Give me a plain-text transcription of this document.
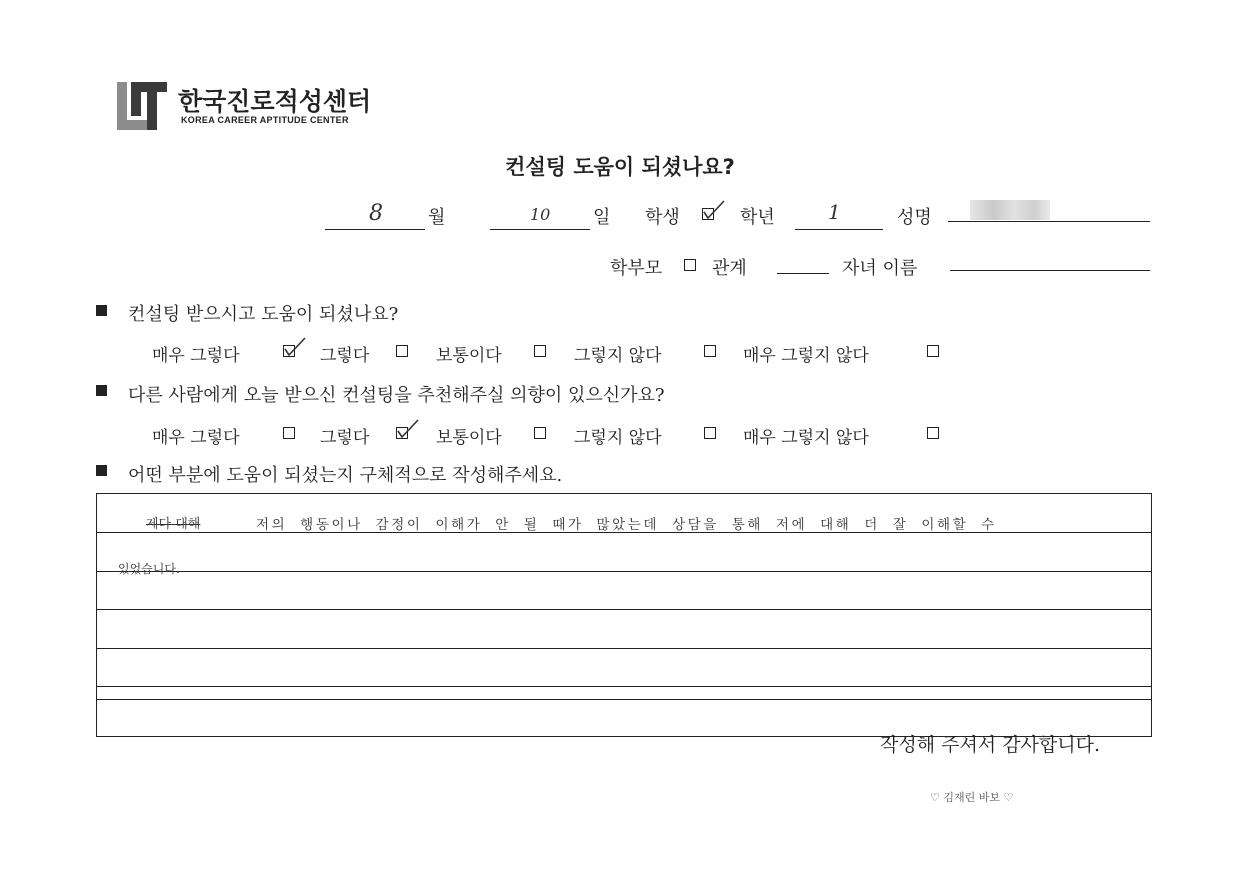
한국진로적성센터
KOREA CAREER APTITUDE CENTER
컨설팅 도움이 되셨나요?
8	월	10 일 학생	학년	1	성명
학부모	관계	자녀 이름
컨설팅 받으시고 도움이 되셨나요?
매우 그렇다	그렇다	보통이다	그렇지 않다	매우 그렇지 않다
다른 사람에게 오늘 받으신 컨설팅을 추천해주실 의향이 있으신가요?
매우 그렇다	그렇다	보통이다	그렇지 않다	매우 그렇지 않다
어떤 부분에 도움이 되셨는지 구체적으로 작성해주세요.
제다 대해	저의 행동이나 감정이 이해가 안 될 때가 많았는데 상담을 통해 저에 대해 더 잘 이해할 수
있었습니다.
작성해 주셔서 감사합니다.
♡ 김재린 바보 ♡
